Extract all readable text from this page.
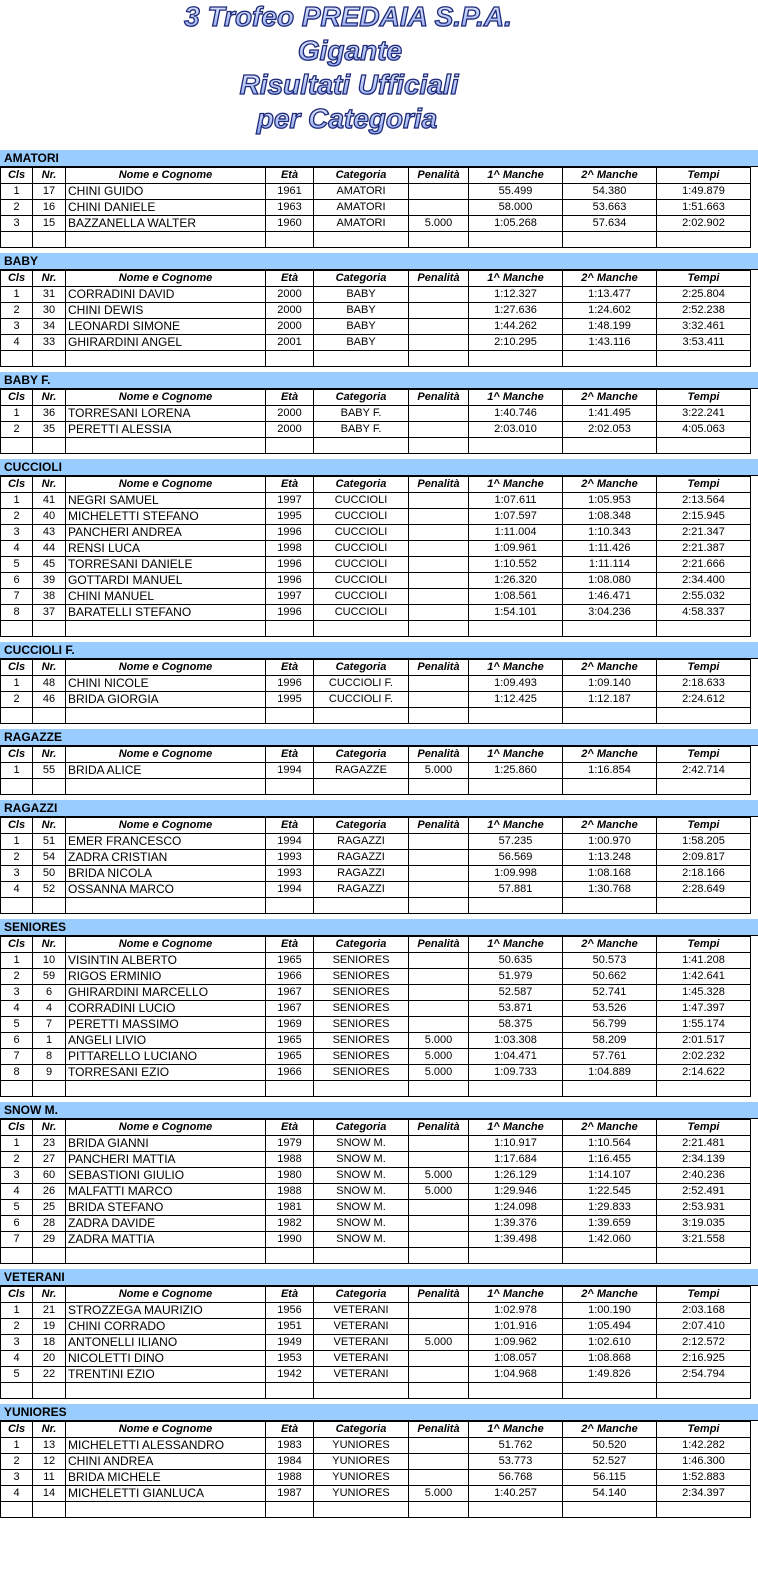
3 Trofeo PREDAIA S.P.A.
Gigante
Risultati Ufficiali
per Categoria
AMATORI
Cls	Nr.	Nome e Cognome	Età	Categoria	Penalità	1^ Manche	2^ Manche	Tempi
1	17	CHINI GUIDO	1961	AMATORI		55.499	54.380	1:49.879
2	16	CHINI DANIELE	1963	AMATORI		58.000	53.663	1:51.663
3	15	BAZZANELLA WALTER	1960	AMATORI	5.000	1:05.268	57.634	2:02.902

BABY
Cls	Nr.	Nome e Cognome	Età	Categoria	Penalità	1^ Manche	2^ Manche	Tempi
1	31	CORRADINI DAVID	2000	BABY		1:12.327	1:13.477	2:25.804
2	30	CHINI DEWIS	2000	BABY		1:27.636	1:24.602	2:52.238
3	34	LEONARDI SIMONE	2000	BABY		1:44.262	1:48.199	3:32.461
4	33	GHIRARDINI ANGEL	2001	BABY		2:10.295	1:43.116	3:53.411

BABY F.
Cls	Nr.	Nome e Cognome	Età	Categoria	Penalità	1^ Manche	2^ Manche	Tempi
1	36	TORRESANI LORENA	2000	BABY F.		1:40.746	1:41.495	3:22.241
2	35	PERETTI ALESSIA	2000	BABY F.		2:03.010	2:02.053	4:05.063

CUCCIOLI
Cls	Nr.	Nome e Cognome	Età	Categoria	Penalità	1^ Manche	2^ Manche	Tempi
1	41	NEGRI SAMUEL	1997	CUCCIOLI		1:07.611	1:05.953	2:13.564
2	40	MICHELETTI STEFANO	1995	CUCCIOLI		1:07.597	1:08.348	2:15.945
3	43	PANCHERI ANDREA	1996	CUCCIOLI		1:11.004	1:10.343	2:21.347
4	44	RENSI LUCA	1998	CUCCIOLI		1:09.961	1:11.426	2:21.387
5	45	TORRESANI DANIELE	1996	CUCCIOLI		1:10.552	1:11.114	2:21.666
6	39	GOTTARDI MANUEL	1996	CUCCIOLI		1:26.320	1:08.080	2:34.400
7	38	CHINI MANUEL	1997	CUCCIOLI		1:08.561	1:46.471	2:55.032
8	37	BARATELLI STEFANO	1996	CUCCIOLI		1:54.101	3:04.236	4:58.337

CUCCIOLI F.
Cls	Nr.	Nome e Cognome	Età	Categoria	Penalità	1^ Manche	2^ Manche	Tempi
1	48	CHINI NICOLE	1996	CUCCIOLI F.		1:09.493	1:09.140	2:18.633
2	46	BRIDA GIORGIA	1995	CUCCIOLI F.		1:12.425	1:12.187	2:24.612

RAGAZZE
Cls	Nr.	Nome e Cognome	Età	Categoria	Penalità	1^ Manche	2^ Manche	Tempi
1	55	BRIDA ALICE	1994	RAGAZZE	5.000	1:25.860	1:16.854	2:42.714

RAGAZZI
Cls	Nr.	Nome e Cognome	Età	Categoria	Penalità	1^ Manche	2^ Manche	Tempi
1	51	EMER FRANCESCO	1994	RAGAZZI		57.235	1:00.970	1:58.205
2	54	ZADRA CRISTIAN	1993	RAGAZZI		56.569	1:13.248	2:09.817
3	50	BRIDA NICOLA	1993	RAGAZZI		1:09.998	1:08.168	2:18.166
4	52	OSSANNA MARCO	1994	RAGAZZI		57.881	1:30.768	2:28.649

SENIORES
Cls	Nr.	Nome e Cognome	Età	Categoria	Penalità	1^ Manche	2^ Manche	Tempi
1	10	VISINTIN ALBERTO	1965	SENIORES		50.635	50.573	1:41.208
2	59	RIGOS ERMINIO	1966	SENIORES		51.979	50.662	1:42.641
3	6	GHIRARDINI MARCELLO	1967	SENIORES		52.587	52.741	1:45.328
4	4	CORRADINI LUCIO	1967	SENIORES		53.871	53.526	1:47.397
5	7	PERETTI MASSIMO	1969	SENIORES		58.375	56.799	1:55.174
6	1	ANGELI LIVIO	1965	SENIORES	5.000	1:03.308	58.209	2:01.517
7	8	PITTARELLO LUCIANO	1965	SENIORES	5.000	1:04.471	57.761	2:02.232
8	9	TORRESANI EZIO	1966	SENIORES	5.000	1:09.733	1:04.889	2:14.622

SNOW M.
Cls	Nr.	Nome e Cognome	Età	Categoria	Penalità	1^ Manche	2^ Manche	Tempi
1	23	BRIDA GIANNI	1979	SNOW M.		1:10.917	1:10.564	2:21.481
2	27	PANCHERI MATTIA	1988	SNOW M.		1:17.684	1:16.455	2:34.139
3	60	SEBASTIONI GIULIO	1980	SNOW M.	5.000	1:26.129	1:14.107	2:40.236
4	26	MALFATTI MARCO	1988	SNOW M.	5.000	1:29.946	1:22.545	2:52.491
5	25	BRIDA STEFANO	1981	SNOW M.		1:24.098	1:29.833	2:53.931
6	28	ZADRA DAVIDE	1982	SNOW M.		1:39.376	1:39.659	3:19.035
7	29	ZADRA MATTIA	1990	SNOW M.		1:39.498	1:42.060	3:21.558

VETERANI
Cls	Nr.	Nome e Cognome	Età	Categoria	Penalità	1^ Manche	2^ Manche	Tempi
1	21	STROZZEGA MAURIZIO	1956	VETERANI		1:02.978	1:00.190	2:03.168
2	19	CHINI CORRADO	1951	VETERANI		1:01.916	1:05.494	2:07.410
3	18	ANTONELLI ILIANO	1949	VETERANI	5.000	1:09.962	1:02.610	2:12.572
4	20	NICOLETTI DINO	1953	VETERANI		1:08.057	1:08.868	2:16.925
5	22	TRENTINI EZIO	1942	VETERANI		1:04.968	1:49.826	2:54.794

YUNIORES
Cls	Nr.	Nome e Cognome	Età	Categoria	Penalità	1^ Manche	2^ Manche	Tempi
1	13	MICHELETTI ALESSANDRO	1983	YUNIORES		51.762	50.520	1:42.282
2	12	CHINI ANDREA	1984	YUNIORES		53.773	52.527	1:46.300
3	11	BRIDA MICHELE	1988	YUNIORES		56.768	56.115	1:52.883
4	14	MICHELETTI GIANLUCA	1987	YUNIORES	5.000	1:40.257	54.140	2:34.397
